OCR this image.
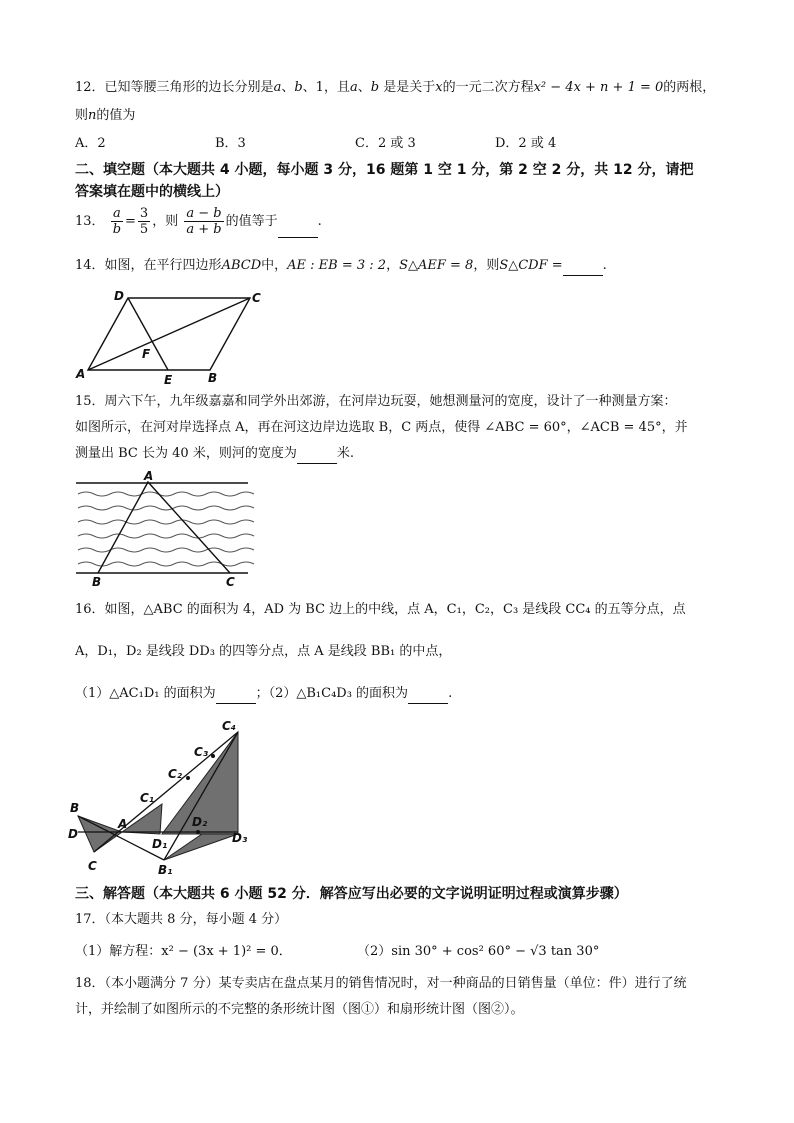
12．已知等腰三角形的边长分别是a、b、1，且a、b 是是关于x的一元二次方程x² − 4x + n + 1 = 0的两根，
则n的值为
A．2	B．3	C．2 或 3	D．2 或 4
二、填空题（本大题共 4 小题，每小题 3 分，16 题第 1 空 1 分，第 2 空 2 分，共 12 分，请把
答案填在题中的横线上）
13． $\frac{a}{b} = \frac{3}{5}$ ，则 $\frac{a - b}{a + b}$ 的值等于	.
14．如图，在平行四边形ABCD中，AE : EB = 3 : 2，S△AEF = 8，则S△CDF =	.
D	C
F
A	E	B
15．周六下午，九年级嘉嘉和同学外出郊游，在河岸边玩耍，她想测量河的宽度，设计了一种测量方案：
如图所示，在河对岸选择点 A，再在河这边岸边选取 B，C 两点，使得 ∠ABC = 60°，∠ACB = 45°，并
测量出 BC 长为 40 米，则河的宽度为	米.
A
B	C
16．如图，△ABC 的面积为 4，AD 为 BC 边上的中线，点 A，C₁，C₂，C₃ 是线段 CC₄ 的五等分点，点
A，D₁，D₂ 是线段 DD₃ 的四等分点，点 A 是线段 BB₁ 的中点，
（1）△AC₁D₁ 的面积为	；（2）△B₁C₄D₃ 的面积为	.
C₄
C₃
C₂
C₁
B
D
A
D₁
D₂
D₃
C	B₁
三、解答题（本大题共 6 小题 52 分．解答应写出必要的文字说明证明过程或演算步骤）
17．（本大题共 8 分，每小题 4 分）
（1）解方程：x² − (3x + 1)² = 0．	（2）sin 30° + cos² 60° − √3 tan 30°
18．（本小题满分 7 分）某专卖店在盘点某月的销售情况时，对一种商品的日销售量（单位：件）进行了统
计，并绘制了如图所示的不完整的条形统计图（图①）和扇形统计图（图②）。
